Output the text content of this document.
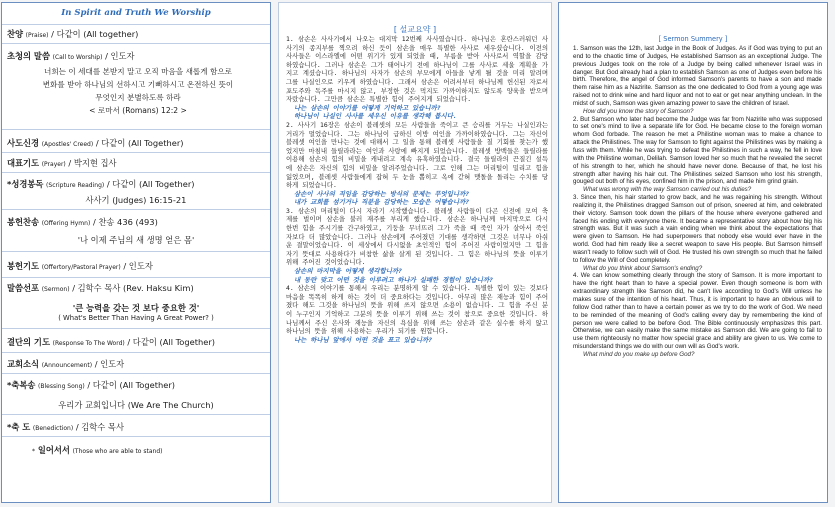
In Spirit and Truth We Worship
찬양 (Praise) / 다같이 (All together)
초청의 말씀 (Call to Worship) / 인도자
너희는 이 세대를 본받지 말고 오직 마음을 새롭게 함으로
변화를 받아 하나님의 선하시고 기뻐하시고 온전하신 뜻이
무엇인지 분별하도록 하라
< 로마서 (Romans) 12:2 >
사도신경 (Apostles' Creed) / 다같이 (All Together)
대표기도 (Prayer) / 박지현 집사
*성경봉독 (Scripture Reading) / 다같이 (All Together)
사사기 (Judges) 16:15-21
봉헌찬송 (Offering Hymn) / 찬송 436 (493)
'나 이제 주님의 새 생명 얻은 몸'
봉헌기도 (Offertory/Pastoral Prayer) / 인도자
말씀선포 (Sermon) / 김학수 목사 (Rev. Haksu Kim)
'큰 능력을 갖는 것 보다 중요한 것'
( What's Better Than Having A Great Power? )
결단의 기도 (Response To The Word) / 다같이 (All Together)
교회소식 (Announcement) / 인도자
*축복송 (Blessing Song) / 다같이 (All Together)
우리가 교회입니다 (We Are The Church)
*축 도 (Benediction) / 김학수 목사
* 일어서서 (Those who are able to stand)
[ 설교요약 ]

1. 삼손은 사사기에서 나오는 대지막 12번째 사사였습니다. 하나님은 혼란스러워던 사사기의 종지부를 찍으려 하신 듯이 삼손을 매우 특별한 사사로 세우셨습니다. 이전의 사사들은 이스라엘에 어떤 위기가 있게 되었을 때, 부름을 받아 사사로서 역할을 감당하였습니다. 그러나 삼손은 그가 태어나기 전에 하나님이 그를 사사로 세울 계획을 가지고 계셨습니다. 하나님의 사자가 삼손의 부모에게 아들을 낳게 될 것을 미리 알려며 그를 나실인으로 키우게 하였습니다. 그래서 삼손은 어려서부터 하나님께 헌신된 자로서 포도주와 독주를 마시지 않고, 부정한 것은 먹지도 가까이하지도 않도록 양육을 받으며 자랐습니다. 그만큼 삼손은 특별한 힘이 주어지게 되었습니다.

나는 삼손의 이야기를 어떻게 기억하고 있습니까?
하나님이 나실인 사사를 세우신 이유를 생각해 봅시다.

2. 사사기 16장은 삼손이 블레셋의 모든 사람들을 죽이고 큰 승리를 거두는 나실인과는 거리가 멀었습니다. 그는 하나님이 급하신 이방 여인을 가까이하였습니다. 그는 자신이 블레셋 여인을 만나는 것에 대해서 그 일을 통해 블레셋 사람들을 칠 기회를 찾는가 했었지만 마침내 들릴라라는 여인과 사랑에 빠지게 되었습니다. 블레셋 방백들은 들릴라를 이용해 삼손의 힘의 비밀을 캐내려고 계속 유혹하였습니다. 결국 들릴라의 끈질긴 설득에 삼손은 자신의 힘의 비밀을 알려주었습니다. 그로 인해 그는 머리털이 밀리고 힘을 잃었으며, 블레셋 사람들에게 잡혀 두 눈을 뽑히고 옥에 갇혀 맷돌을 돌리는 수치를 당하게 되었습니다.

삼손이 사사의 직임을 감당하는 방식의 문제는 무엇입니까?
내가 교회를 섬기거나 직분을 감당하는 모습은 어떻습니까?

3. 삼손의 머리털이 다시 자라기 시작했습니다. 블레셋 사람들이 다곤 신전에 모여 축제를 벌이며 삼손을 불러 재주를 부리게 했습니다. 삼손은 하나님께 마지막으로 다시 한번 힘을 주시기를 간구하였고, 기둥을 무너뜨려 그가 죽을 때 죽인 자가 살아서 죽인 자보다 더 많았습니다. 그러나 삼손에게 주어졌던 기대를 생각하면 그것은 너무나 아쉬운 결말이었습니다. 이 세상에서 다시없을 초인적인 힘이 주어진 사람이었지만 그 힘을 자기 뜻대로 사용하다가 비참한 삶을 살게 된 것입니다. 그 힘은 하나님의 뜻을 이루기 위해 주어진 것이었습니다.

삼손의 마지막을 어떻게 생각합니까?
내 동란 맞고 어떤 것을 이루려고 하나가 실패한 경험이 있습니까?

4. 삼손의 이야기를 통해서 우리는 분명하게 알 수 있습니다. 특별한 힘이 있는 것보다 마음을 똑똑히 하게 하는 것이 더 중요하다는 것입니다. 아무리 많은 재능과 힘이 주어졌다 해도 그것을 하나님의 뜻을 위해 쓰지 않으면 소용이 없습니다. 그 힘을 주신 분이 누구인지 기억하고 그분의 뜻을 이루기 위해 쓰는 것이 참으로 중요한 것입니다. 하나님께서 주신 은사와 재능을 자신의 욕심을 위해 쓰는 삼손과 같은 실수를 하지 않고 하나님의 뜻을 위해 사용하는 우리가 되기를 원합니다.

나는 하나님 앞에서 어떤 것을 표고 있습니까?
[ Sermon Summery ]

1. Samson was the 12th, last Judge in the Book of Judges. As if God was trying to put an end to the chaotic time of Judges, He established Samson as an exceptional Judge. The previous Judges took on the role of a Judge by being called whenever Israel was in danger. But God already had a plan to establish Samson as one of Judges even before his birth. Therefore, the angel of God informed Samson's parents to have a son and made them raise him as a Nazirite. Samson as the one dedicated to God from a young age was raised not to drink wine and hard liquor and not to eat or get near anything unclean. In the midst of such, Samson was given amazing power to save the children of Israel.

How did you know the story of Samson?

2. But Samson who later had become the Judge was far from Nazirite who was supposed to set one's mind to live a separate life for God. He became close to the foreign woman whom God forbade. The reason he met a Philistine woman was to make a chance to attack the Philistines. The way for Samson to fight against the Philistines was by making a fuss with them. While he was trying to defeat the Philistines in such a way, he fell in love with the Philistine woman, Delilah. Samson loved her so much that he revealed the secret of his strength to her, which he should have never done. Because of that, he lost his strength after having his hair cut. The Philistines seized Samson who lost his strength, gouged out both of his eyes, confined him in the prison, and made him grind grain.

What was wrong with the way Samson carried out his duties?

3. Since then, his hair started to grow back, and he was regaining his strength. Without realizing it, the Philistines dragged Samson out of prison, sneered at him, and celebrated their victory. Samson took down the pillars of the house where everyone gathered and faced his ending with everyone there. It became a representative story about how big his strength was. But it was such a vain ending when we think about the expectations that were given to Samson. He had superpowers that nobody else would ever have in the world. God had him ready like a secret weapon to save His people. But Samson himself wasn't ready to follow such will of God. He trusted his own strength so much that he failed to follow the Will of God completely.

What do you think about Samson's ending?

4. We can know something clearly through the story of Samson. It is more important to have the right heart than to have a special power. Even though someone is born with extraordinary strength like Samson did, he can't live according to God's Will unless he makes sure of the intention of his heart. Thus, it is important to have an obvious will to follow God rather than to have a certain power as we try to do the work of God. We need to be reminded of the meaning of God's calling every day by remembering the kind of person we were called to be before God. The Bible continuously emphasizes this part. Otherwise, we can easily make the same mistake as Samson did. We are going to fail to use them righteously no matter how special grace and ability are given to us. We come to misunderstand things we do with our own will as God's work.

What mind do you make up before God?
